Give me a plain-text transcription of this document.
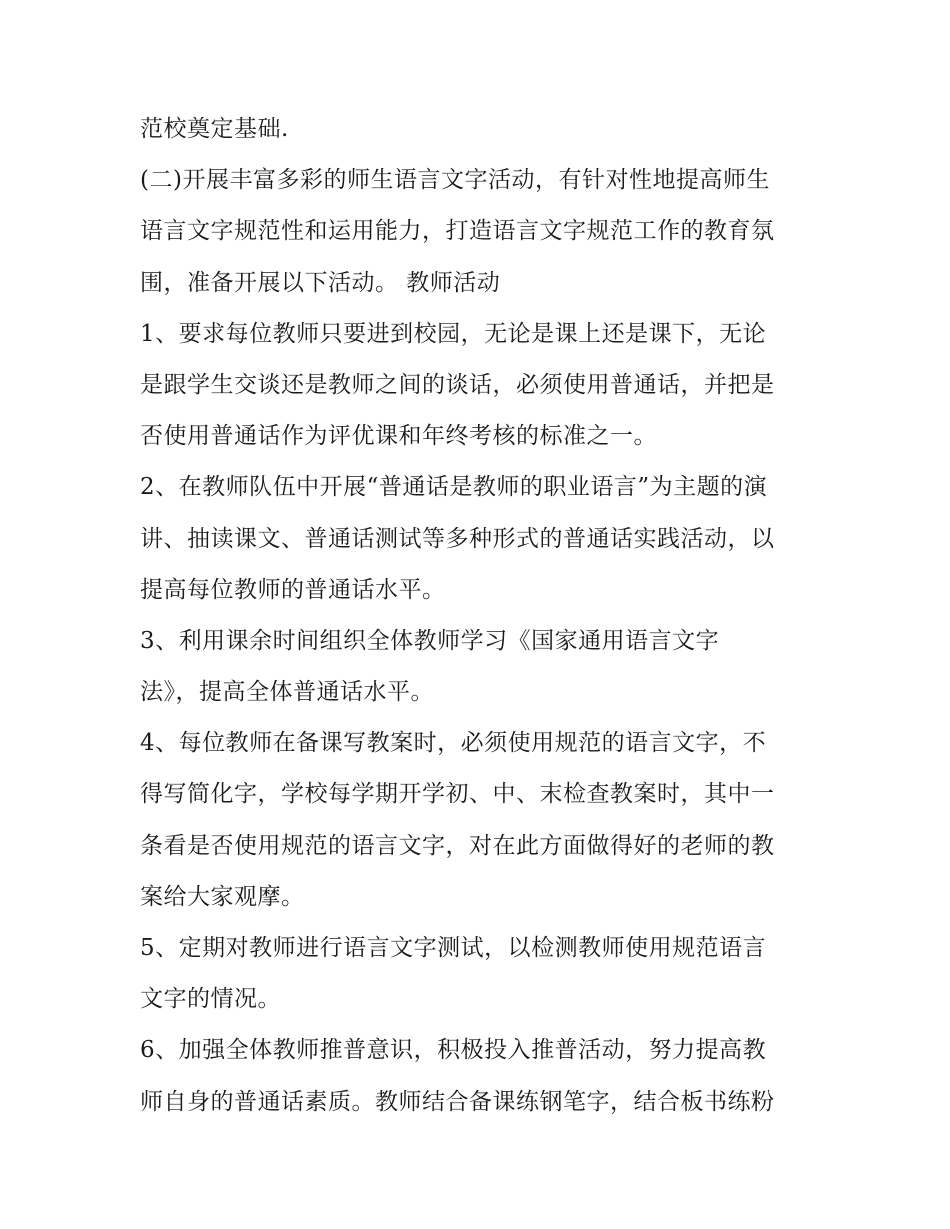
范校奠定基础.
(二)开展丰富多彩的师生语言文字活动，有针对性地提高师生
语言文字规范性和运用能力，打造语言文字规范工作的教育氛
围，准备开展以下活动。 教师活动
1、要求每位教师只要进到校园，无论是课上还是课下，无论
是跟学生交谈还是教师之间的谈话，必须使用普通话，并把是
否使用普通话作为评优课和年终考核的标准之一。
2、在教师队伍中开展“普通话是教师的职业语言”为主题的演
讲、抽读课文、普通话测试等多种形式的普通话实践活动，以
提高每位教师的普通话水平。
3、利用课余时间组织全体教师学习《国家通用语言文字
法》，提高全体普通话水平。
4、每位教师在备课写教案时，必须使用规范的语言文字，不
得写简化字，学校每学期开学初、中、末检查教案时，其中一
条看是否使用规范的语言文字，对在此方面做得好的老师的教
案给大家观摩。
5、定期对教师进行语言文字测试，以检测教师使用规范语言
文字的情况。
6、加强全体教师推普意识，积极投入推普活动，努力提高教
师自身的普通话素质。教师结合备课练钢笔字，结合板书练粉
